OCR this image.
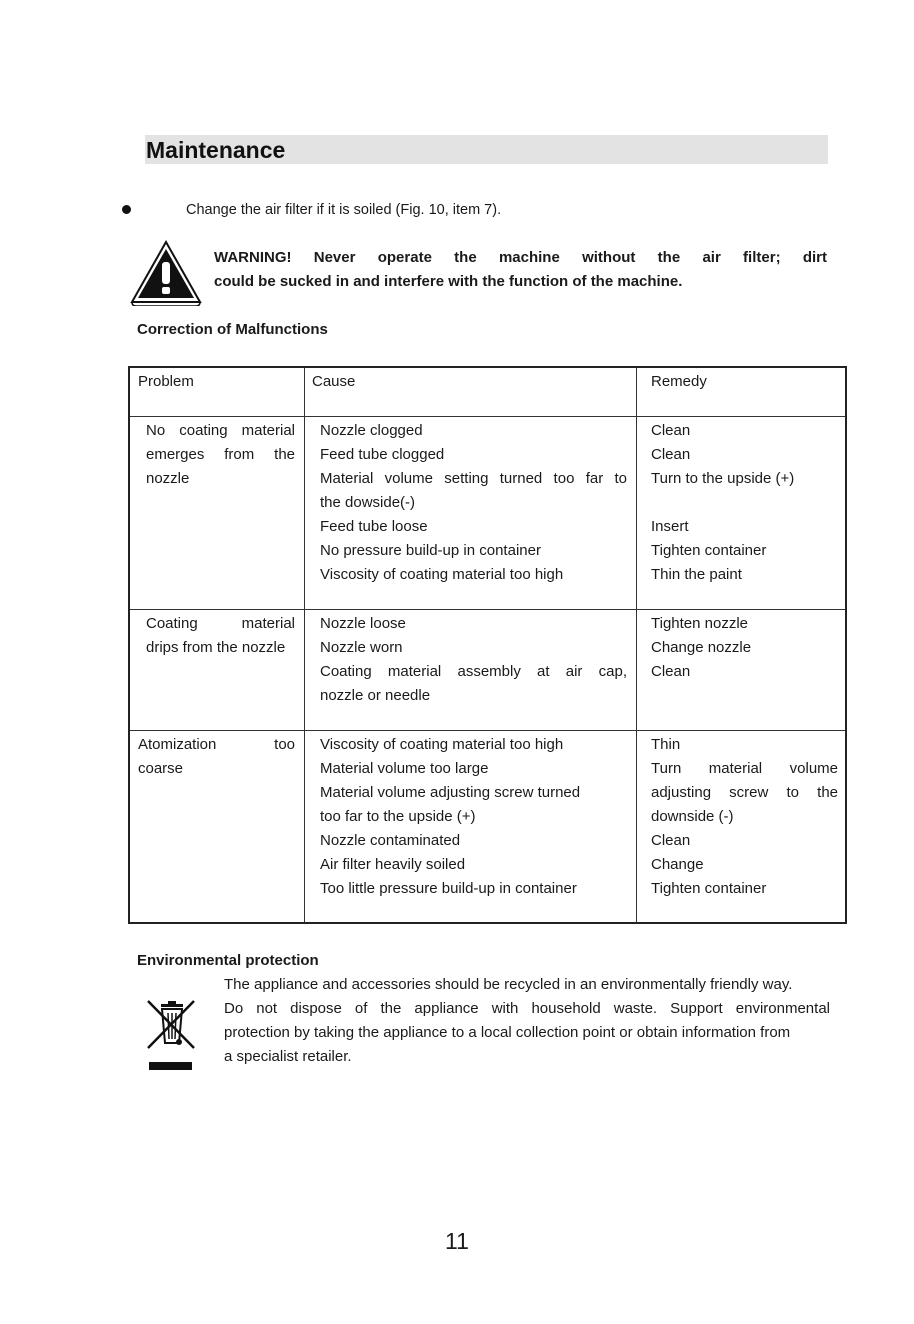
Maintenance
Change the air filter if it is soiled (Fig. 10, item 7).
WARNING! Never operate the machine without the air filter; dirt
could be sucked in and interfere with the function of the machine.
Correction of Malfunctions
Problem	Cause	Remedy
No coating material
emerges from the
nozzle
Nozzle clogged
Feed tube clogged
Material volume setting turned too far to
the dowside(-)
Feed tube loose
No pressure build-up in container
Viscosity of coating material too high
Clean
Clean
Turn to the upside (+)
Insert
Tighten container
Thin the paint
Coating material
drips from the nozzle
Nozzle loose
Nozzle worn
Coating material assembly at air cap,
nozzle or needle
Tighten nozzle
Change nozzle
Clean
Atomization too
coarse
Viscosity of coating material too high
Material volume too large
Material volume adjusting screw turned
too far to the upside (+)
Nozzle contaminated
Air filter heavily soiled
Too little pressure build-up in container
Thin
Turn material volume
adjusting screw to the
downside (-)
Clean
Change
Tighten container
Environmental protection
The appliance and accessories should be recycled in an environmentally friendly way.
Do not dispose of the appliance with household waste. Support environmental
protection by taking the appliance to a local collection point or obtain information from
a specialist retailer.
11
